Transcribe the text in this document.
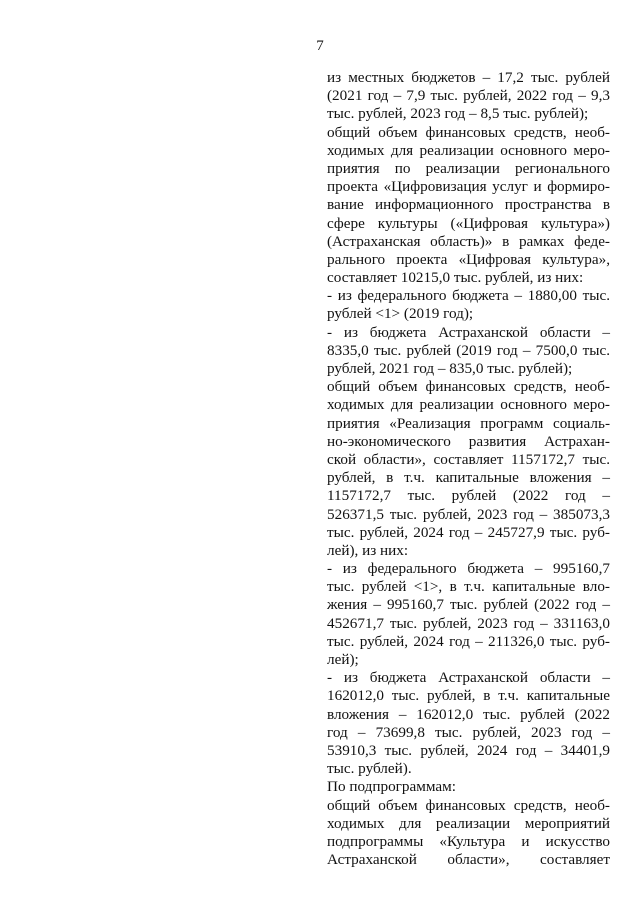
7
из местных бюджетов – 17,2 тыс. рублей
(2021 год – 7,9 тыс. рублей, 2022 год – 9,3
тыс. рублей, 2023 год – 8,5 тыс. рублей);
общий объем финансовых средств, необ-
ходимых для реализации основного меро-
приятия по реализации регионального
проекта «Цифровизация услуг и формиро-
вание информационного пространства в
сфере культуры («Цифровая культура»)
(Астраханская область)» в рамках феде-
рального проекта «Цифровая культура»,
составляет 10215,0 тыс. рублей, из них:
- из федерального бюджета – 1880,00 тыс.
рублей <1> (2019 год);
- из бюджета Астраханской области –
8335,0 тыс. рублей (2019 год – 7500,0 тыс.
рублей, 2021 год – 835,0 тыс. рублей);
общий объем финансовых средств, необ-
ходимых для реализации основного меро-
приятия «Реализация программ социаль-
но-экономического развития Астрахан-
ской области», составляет 1157172,7 тыс.
рублей, в т.ч. капитальные вложения –
1157172,7 тыс. рублей (2022 год –
526371,5 тыс. рублей, 2023 год – 385073,3
тыс. рублей, 2024 год – 245727,9 тыс. руб-
лей), из них:
- из федерального бюджета – 995160,7
тыс. рублей <1>, в т.ч. капитальные вло-
жения – 995160,7 тыс. рублей (2022 год –
452671,7 тыс. рублей, 2023 год – 331163,0
тыс. рублей, 2024 год – 211326,0 тыс. руб-
лей);
- из бюджета Астраханской области –
162012,0 тыс. рублей, в т.ч. капитальные
вложения – 162012,0 тыс. рублей (2022
год – 73699,8 тыс. рублей, 2023 год –
53910,3 тыс. рублей, 2024 год – 34401,9
тыс. рублей).
По подпрограммам:
общий объем финансовых средств, необ-
ходимых для реализации мероприятий
подпрограммы «Культура и искусство
Астраханской области», составляет
